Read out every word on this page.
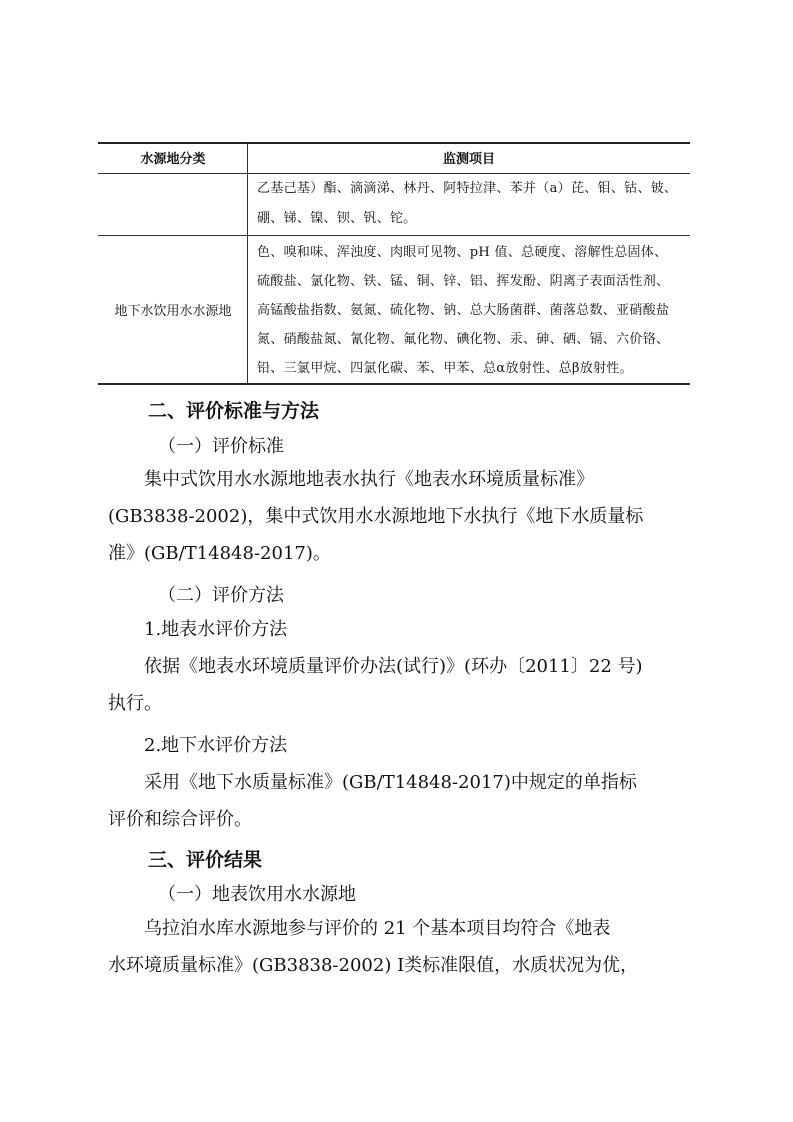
水源地分类	监测项目
乙基己基）酯、滴滴涕、林丹、阿特拉津、苯并（a）芘、钼、钴、铍、
硼、锑、镍、钡、钒、铊。
地下水饮用水水源地
色、嗅和味、浑浊度、肉眼可见物、pH 值、总硬度、溶解性总固体、
硫酸盐、氯化物、铁、锰、铜、锌、铝、挥发酚、阴离子表面活性剂、
高锰酸盐指数、氨氮、硫化物、钠、总大肠菌群、菌落总数、亚硝酸盐
氮、硝酸盐氮、氰化物、氟化物、碘化物、汞、砷、硒、镉、六价铬、
铅、三氯甲烷、四氯化碳、苯、甲苯、总α放射性、总β放射性。
二、评价标准与方法
（一）评价标准
集中式饮用水水源地地表水执行《地表水环境质量标准》
(GB3838-2002)，集中式饮用水水源地地下水执行《地下水质量标
准》(GB/T14848-2017)。
（二）评价方法
1.地表水评价方法
依据《地表水环境质量评价办法(试行)》(环办〔2011〕22 号)
执行。
2.地下水评价方法
采用《地下水质量标准》(GB/T14848-2017)中规定的单指标
评价和综合评价。
三、评价结果
（一）地表饮用水水源地
乌拉泊水库水源地参与评价的 21 个基本项目均符合《地表
水环境质量标准》(GB3838-2002) Ⅰ类标准限值，水质状况为优，
